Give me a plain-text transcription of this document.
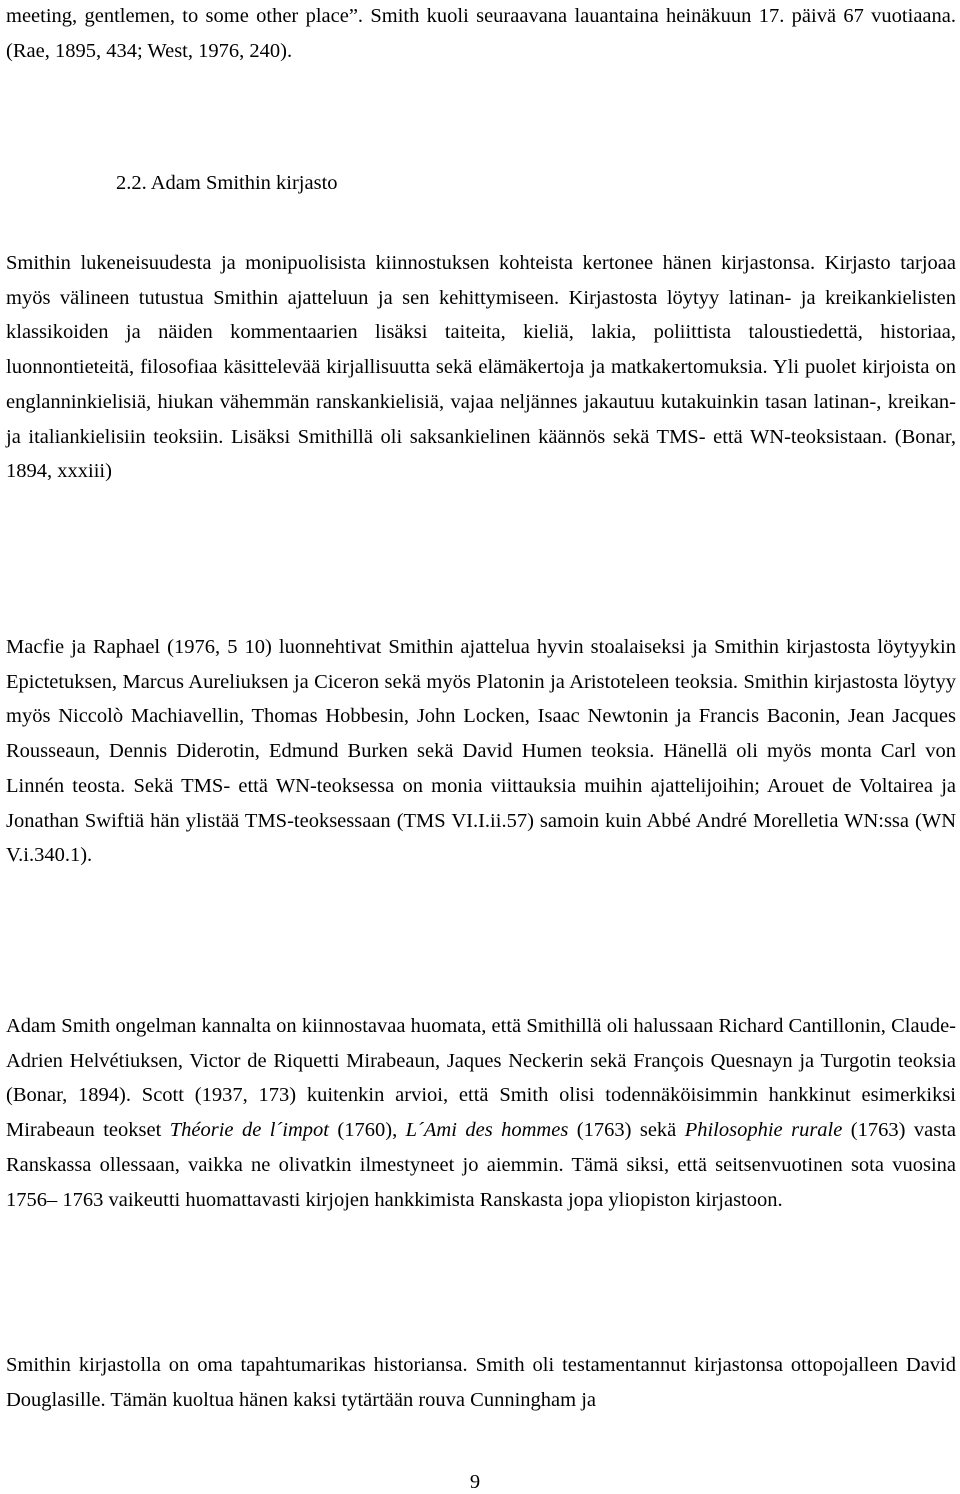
meeting, gentlemen, to some other place”. Smith kuoli seuraavana lauantaina heinäkuun 17. päivä 67 vuotiaana. (Rae, 1895, 434; West, 1976, 240).

2.2. Adam Smithin kirjasto

Smithin lukeneisuudesta ja monipuolisista kiinnostuksen kohteista kertonee hänen kirjastonsa. Kirjasto tarjoaa myös välineen tutustua Smithin ajatteluun ja sen kehittymiseen. Kirjastosta löytyy latinan- ja kreikankielisten klassikoiden ja näiden kommentaarien lisäksi taiteita, kieliä, lakia, poliittista taloustiedettä, historiaa, luonnontieteitä, filosofiaa käsittelevää kirjallisuutta sekä elämäkertoja ja matkakertomuksia. Yli puolet kirjoista on englanninkielisiä, hiukan vähemmän ranskankielisiä, vajaa neljännes jakautuu kutakuinkin tasan latinan-, kreikan- ja italiankielisiin teoksiin. Lisäksi Smithillä oli saksankielinen käännös sekä TMS- että WN-teoksistaan. (Bonar, 1894, xxxiii)

Macfie ja Raphael (1976, 5 10) luonnehtivat Smithin ajattelua hyvin stoalaiseksi ja Smithin kirjastosta löytyykin Epictetuksen, Marcus Aureliuksen ja Ciceron sekä myös Platonin ja Aristoteleen teoksia. Smithin kirjastosta löytyy myös Niccolò Machiavellin, Thomas Hobbesin, John Locken, Isaac Newtonin ja Francis Baconin, Jean Jacques Rousseaun, Dennis Diderotin, Edmund Burken sekä David Humen teoksia. Hänellä oli myös monta Carl von Linnén teosta. Sekä TMS- että WN-teoksessa on monia viittauksia muihin ajattelijoihin; Arouet de Voltairea ja Jonathan Swiftiä hän ylistää TMS-teoksessaan (TMS VI.I.ii.57) samoin kuin Abbé André Morelletia WN:ssa (WN V.i.340.1).

Adam Smith ongelman kannalta on kiinnostavaa huomata, että Smithillä oli halussaan Richard Cantillonin, Claude-Adrien Helvétiuksen, Victor de Riquetti Mirabeaun, Jaques Neckerin sekä François Quesnayn ja Turgotin teoksia (Bonar, 1894). Scott (1937, 173) kuitenkin arvioi, että Smith olisi todennäköisimmin hankkinut esimerkiksi Mirabeaun teokset Théorie de l´impot (1760), L´Ami des hommes (1763) sekä Philosophie rurale (1763) vasta Ranskassa ollessaan, vaikka ne olivatkin ilmestyneet jo aiemmin. Tämä siksi, että seitsenvuotinen sota vuosina 1756– 1763 vaikeutti huomattavasti kirjojen hankkimista Ranskasta jopa yliopiston kirjastoon.

Smithin kirjastolla on oma tapahtumarikas historiansa. Smith oli testamentannut kirjastonsa ottopojalleen David Douglasille. Tämän kuoltua hänen kaksi tytärtään rouva Cunningham ja

9
